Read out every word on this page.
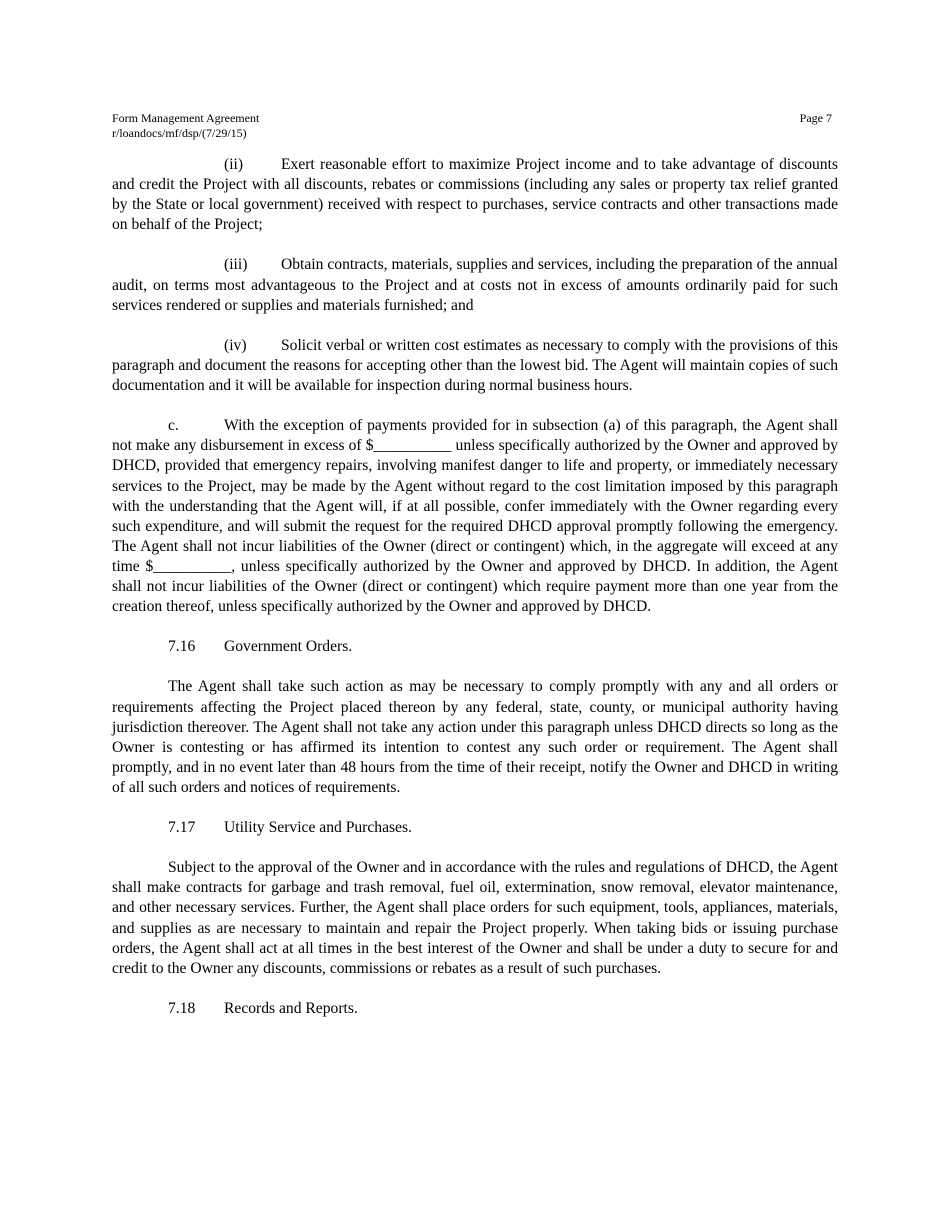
Form Management Agreement
r/loandocs/mf/dsp/(7/29/15)
Page 7

(ii) Exert reasonable effort to maximize Project income and to take advantage of discounts and credit the Project with all discounts, rebates or commissions (including any sales or property tax relief granted by the State or local government) received with respect to purchases, service contracts and other transactions made on behalf of the Project;

(iii) Obtain contracts, materials, supplies and services, including the preparation of the annual audit, on terms most advantageous to the Project and at costs not in excess of amounts ordinarily paid for such services rendered or supplies and materials furnished; and

(iv) Solicit verbal or written cost estimates as necessary to comply with the provisions of this paragraph and document the reasons for accepting other than the lowest bid. The Agent will maintain copies of such documentation and it will be available for inspection during normal business hours.

c.	With the exception of payments provided for in subsection (a) of this paragraph, the Agent shall not make any disbursement in excess of $__________ unless specifically authorized by the Owner and approved by DHCD, provided that emergency repairs, involving manifest danger to life and property, or immediately necessary services to the Project, may be made by the Agent without regard to the cost limitation imposed by this paragraph with the understanding that the Agent will, if at all possible, confer immediately with the Owner regarding every such expenditure, and will submit the request for the required DHCD approval promptly following the emergency. The Agent shall not incur liabilities of the Owner (direct or contingent) which, in the aggregate will exceed at any time $__________, unless specifically authorized by the Owner and approved by DHCD. In addition, the Agent shall not incur liabilities of the Owner (direct or contingent) which require payment more than one year from the creation thereof, unless specifically authorized by the Owner and approved by DHCD.

7.16 Government Orders.

The Agent shall take such action as may be necessary to comply promptly with any and all orders or requirements affecting the Project placed thereon by any federal, state, county, or municipal authority having jurisdiction thereover. The Agent shall not take any action under this paragraph unless DHCD directs so long as the Owner is contesting or has affirmed its intention to contest any such order or requirement. The Agent shall promptly, and in no event later than 48 hours from the time of their receipt, notify the Owner and DHCD in writing of all such orders and notices of requirements.

7.17 Utility Service and Purchases.

Subject to the approval of the Owner and in accordance with the rules and regulations of DHCD, the Agent shall make contracts for garbage and trash removal, fuel oil, extermination, snow removal, elevator maintenance, and other necessary services. Further, the Agent shall place orders for such equipment, tools, appliances, materials, and supplies as are necessary to maintain and repair the Project properly. When taking bids or issuing purchase orders, the Agent shall act at all times in the best interest of the Owner and shall be under a duty to secure for and credit to the Owner any discounts, commissions or rebates as a result of such purchases.

7.18 Records and Reports.
